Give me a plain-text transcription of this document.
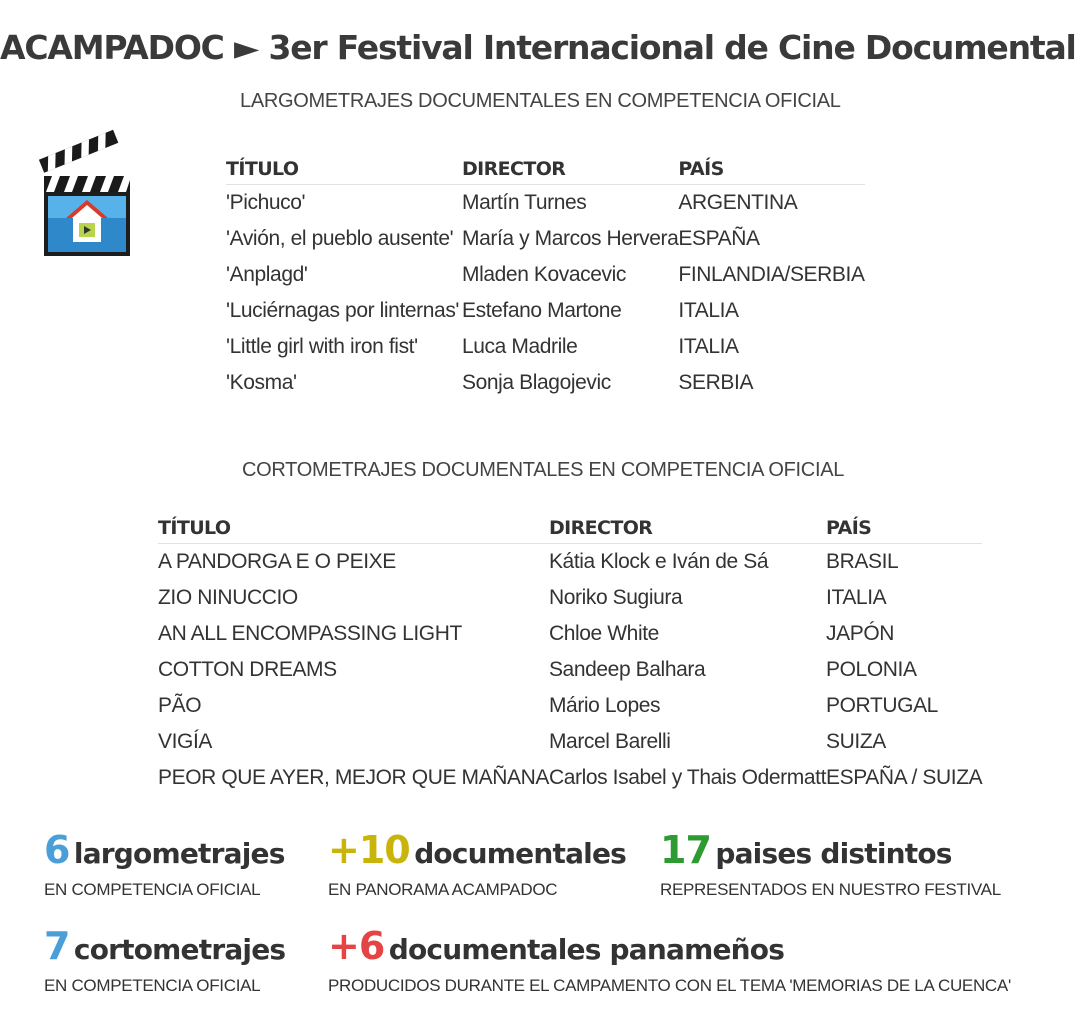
ACAMPADOC ► 3er Festival Internacional de Cine Documental
LARGOMETRAJES DOCUMENTALES EN COMPETENCIA OFICIAL
TÍTULO	DIRECTOR	PAÍS
'Pichuco'	Martín Turnes	ARGENTINA
'Avión, el pueblo ausente'	María y Marcos Hervera	ESPAÑA
'Anplagd'	Mladen Kovacevic	FINLANDIA/SERBIA
'Luciérnagas por linternas'	Estefano Martone	ITALIA
'Little girl with iron fist'	Luca Madrile	ITALIA
'Kosma'	Sonja Blagojevic	SERBIA
CORTOMETRAJES DOCUMENTALES EN COMPETENCIA OFICIAL
TÍTULO	DIRECTOR	PAÍS
A PANDORGA E O PEIXE	Kátia Klock e Iván de Sá	BRASIL
ZIO NINUCCIO	Noriko Sugiura	ITALIA
AN ALL ENCOMPASSING LIGHT	Chloe White	JAPÓN
COTTON DREAMS	Sandeep Balhara	POLONIA
PÃO	Mário Lopes	PORTUGAL
VIGÍA	Marcel Barelli	SUIZA
PEOR QUE AYER, MEJOR QUE MAÑANA	Carlos Isabel y Thais Odermatt	ESPAÑA / SUIZA
6 largometrajes
EN COMPETENCIA OFICIAL
+10 documentales
EN PANORAMA ACAMPADOC
17 paises distintos
REPRESENTADOS EN NUESTRO FESTIVAL
7 cortometrajes
EN COMPETENCIA OFICIAL
+6 documentales panameños
PRODUCIDOS DURANTE EL CAMPAMENTO CON EL TEMA 'MEMORIAS DE LA CUENCA'
